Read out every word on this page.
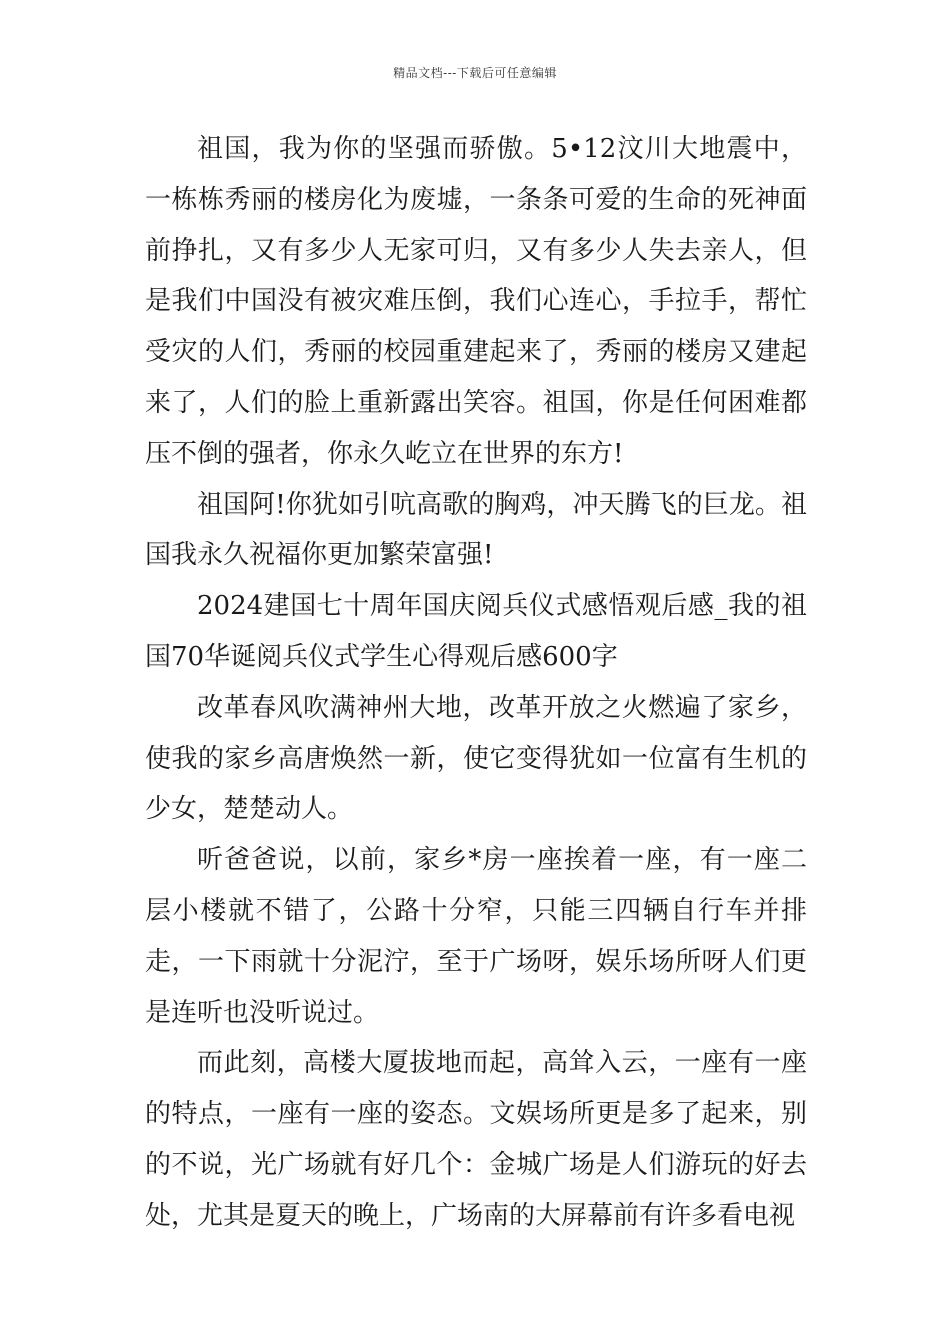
精品文档---下载后可任意编辑

祖国，我为你的坚强而骄傲。5•12汶川大地震中，一栋栋秀丽的楼房化为废墟，一条条可爱的生命的死神面前挣扎，又有多少人无家可归，又有多少人失去亲人，但是我们中国没有被灾难压倒，我们心连心，手拉手，帮忙受灾的人们，秀丽的校园重建起来了，秀丽的楼房又建起来了，人们的脸上重新露出笑容。祖国，你是任何困难都压不倒的强者，你永久屹立在世界的东方!

祖国阿!你犹如引吭高歌的胸鸡，冲天腾飞的巨龙。祖国我永久祝福你更加繁荣富强!

2024建国七十周年国庆阅兵仪式感悟观后感_我的祖国70华诞阅兵仪式学生心得观后感600字

改革春风吹满神州大地，改革开放之火燃遍了家乡，使我的家乡高唐焕然一新，使它变得犹如一位富有生机的少女，楚楚动人。

听爸爸说，以前，家乡*房一座挨着一座，有一座二层小楼就不错了，公路十分窄，只能三四辆自行车并排走，一下雨就十分泥泞，至于广场呀，娱乐场所呀人们更是连听也没听说过。

而此刻，高楼大厦拔地而起，高耸入云，一座有一座的特点，一座有一座的姿态。文娱场所更是多了起来，别的不说，光广场就有好几个：金城广场是人们游玩的好去处，尤其是夏天的晚上，广场南的大屏幕前有许多看电视
